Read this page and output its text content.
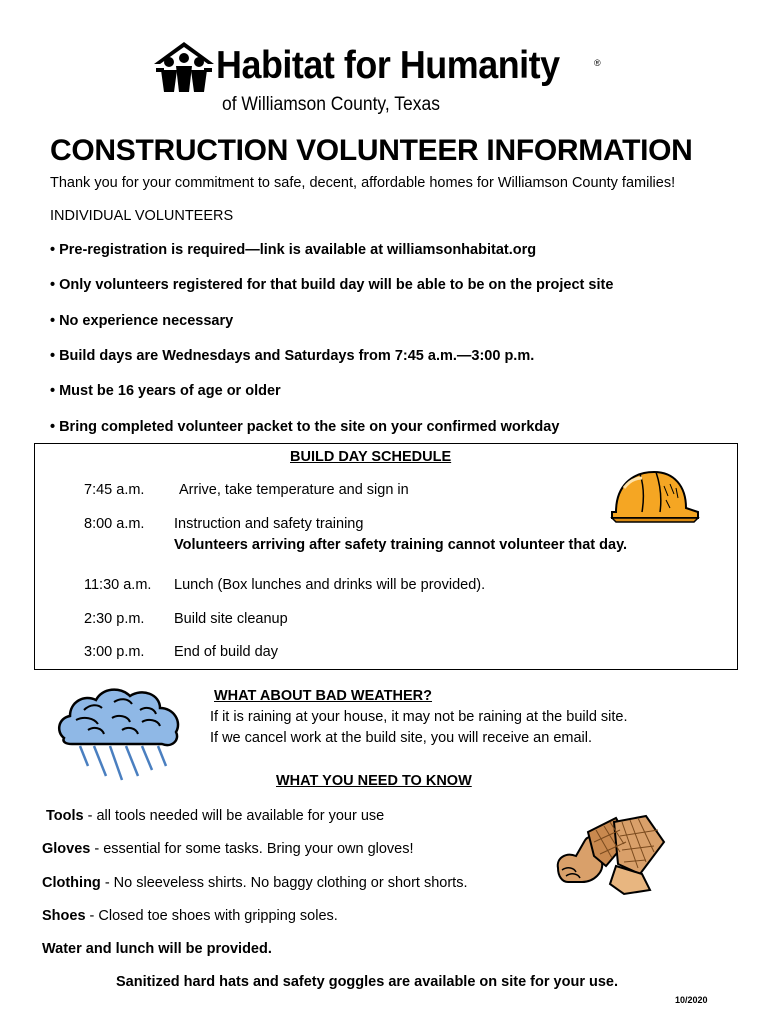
Habitat for Humanity	®
of Williamson County, Texas
CONSTRUCTION VOLUNTEER INFORMATION
Thank you for your commitment to safe, decent, affordable homes for Williamson County families!
INDIVIDUAL VOLUNTEERS
• Pre-registration is required—link is available at williamsonhabitat.org
• Only volunteers registered for that build day will be able to be on the project site
• No experience necessary
• Build days are Wednesdays and Saturdays from 7:45 a.m.—3:00 p.m.
• Must be 16 years of age or older
• Bring completed volunteer packet to the site on your confirmed workday
BUILD DAY SCHEDULE
7:45 a.m. Arrive, take temperature and sign in
8:00 a.m. Instruction and safety training
Volunteers arriving after safety training cannot volunteer that day.
11:30 a.m. Lunch (Box lunches and drinks will be provided).
2:30 p.m. Build site cleanup
3:00 p.m. End of build day
WHAT ABOUT BAD WEATHER?
If it is raining at your house, it may not be raining at the build site.
If we cancel work at the build site, you will receive an email.
WHAT YOU NEED TO KNOW
Tools - all tools needed will be available for your use
Gloves - essential for some tasks. Bring your own gloves!
Clothing - No sleeveless shirts. No baggy clothing or short shorts.
Shoes - Closed toe shoes with gripping soles.
Water and lunch will be provided.
Sanitized hard hats and safety goggles are available on site for your use.
10/2020
